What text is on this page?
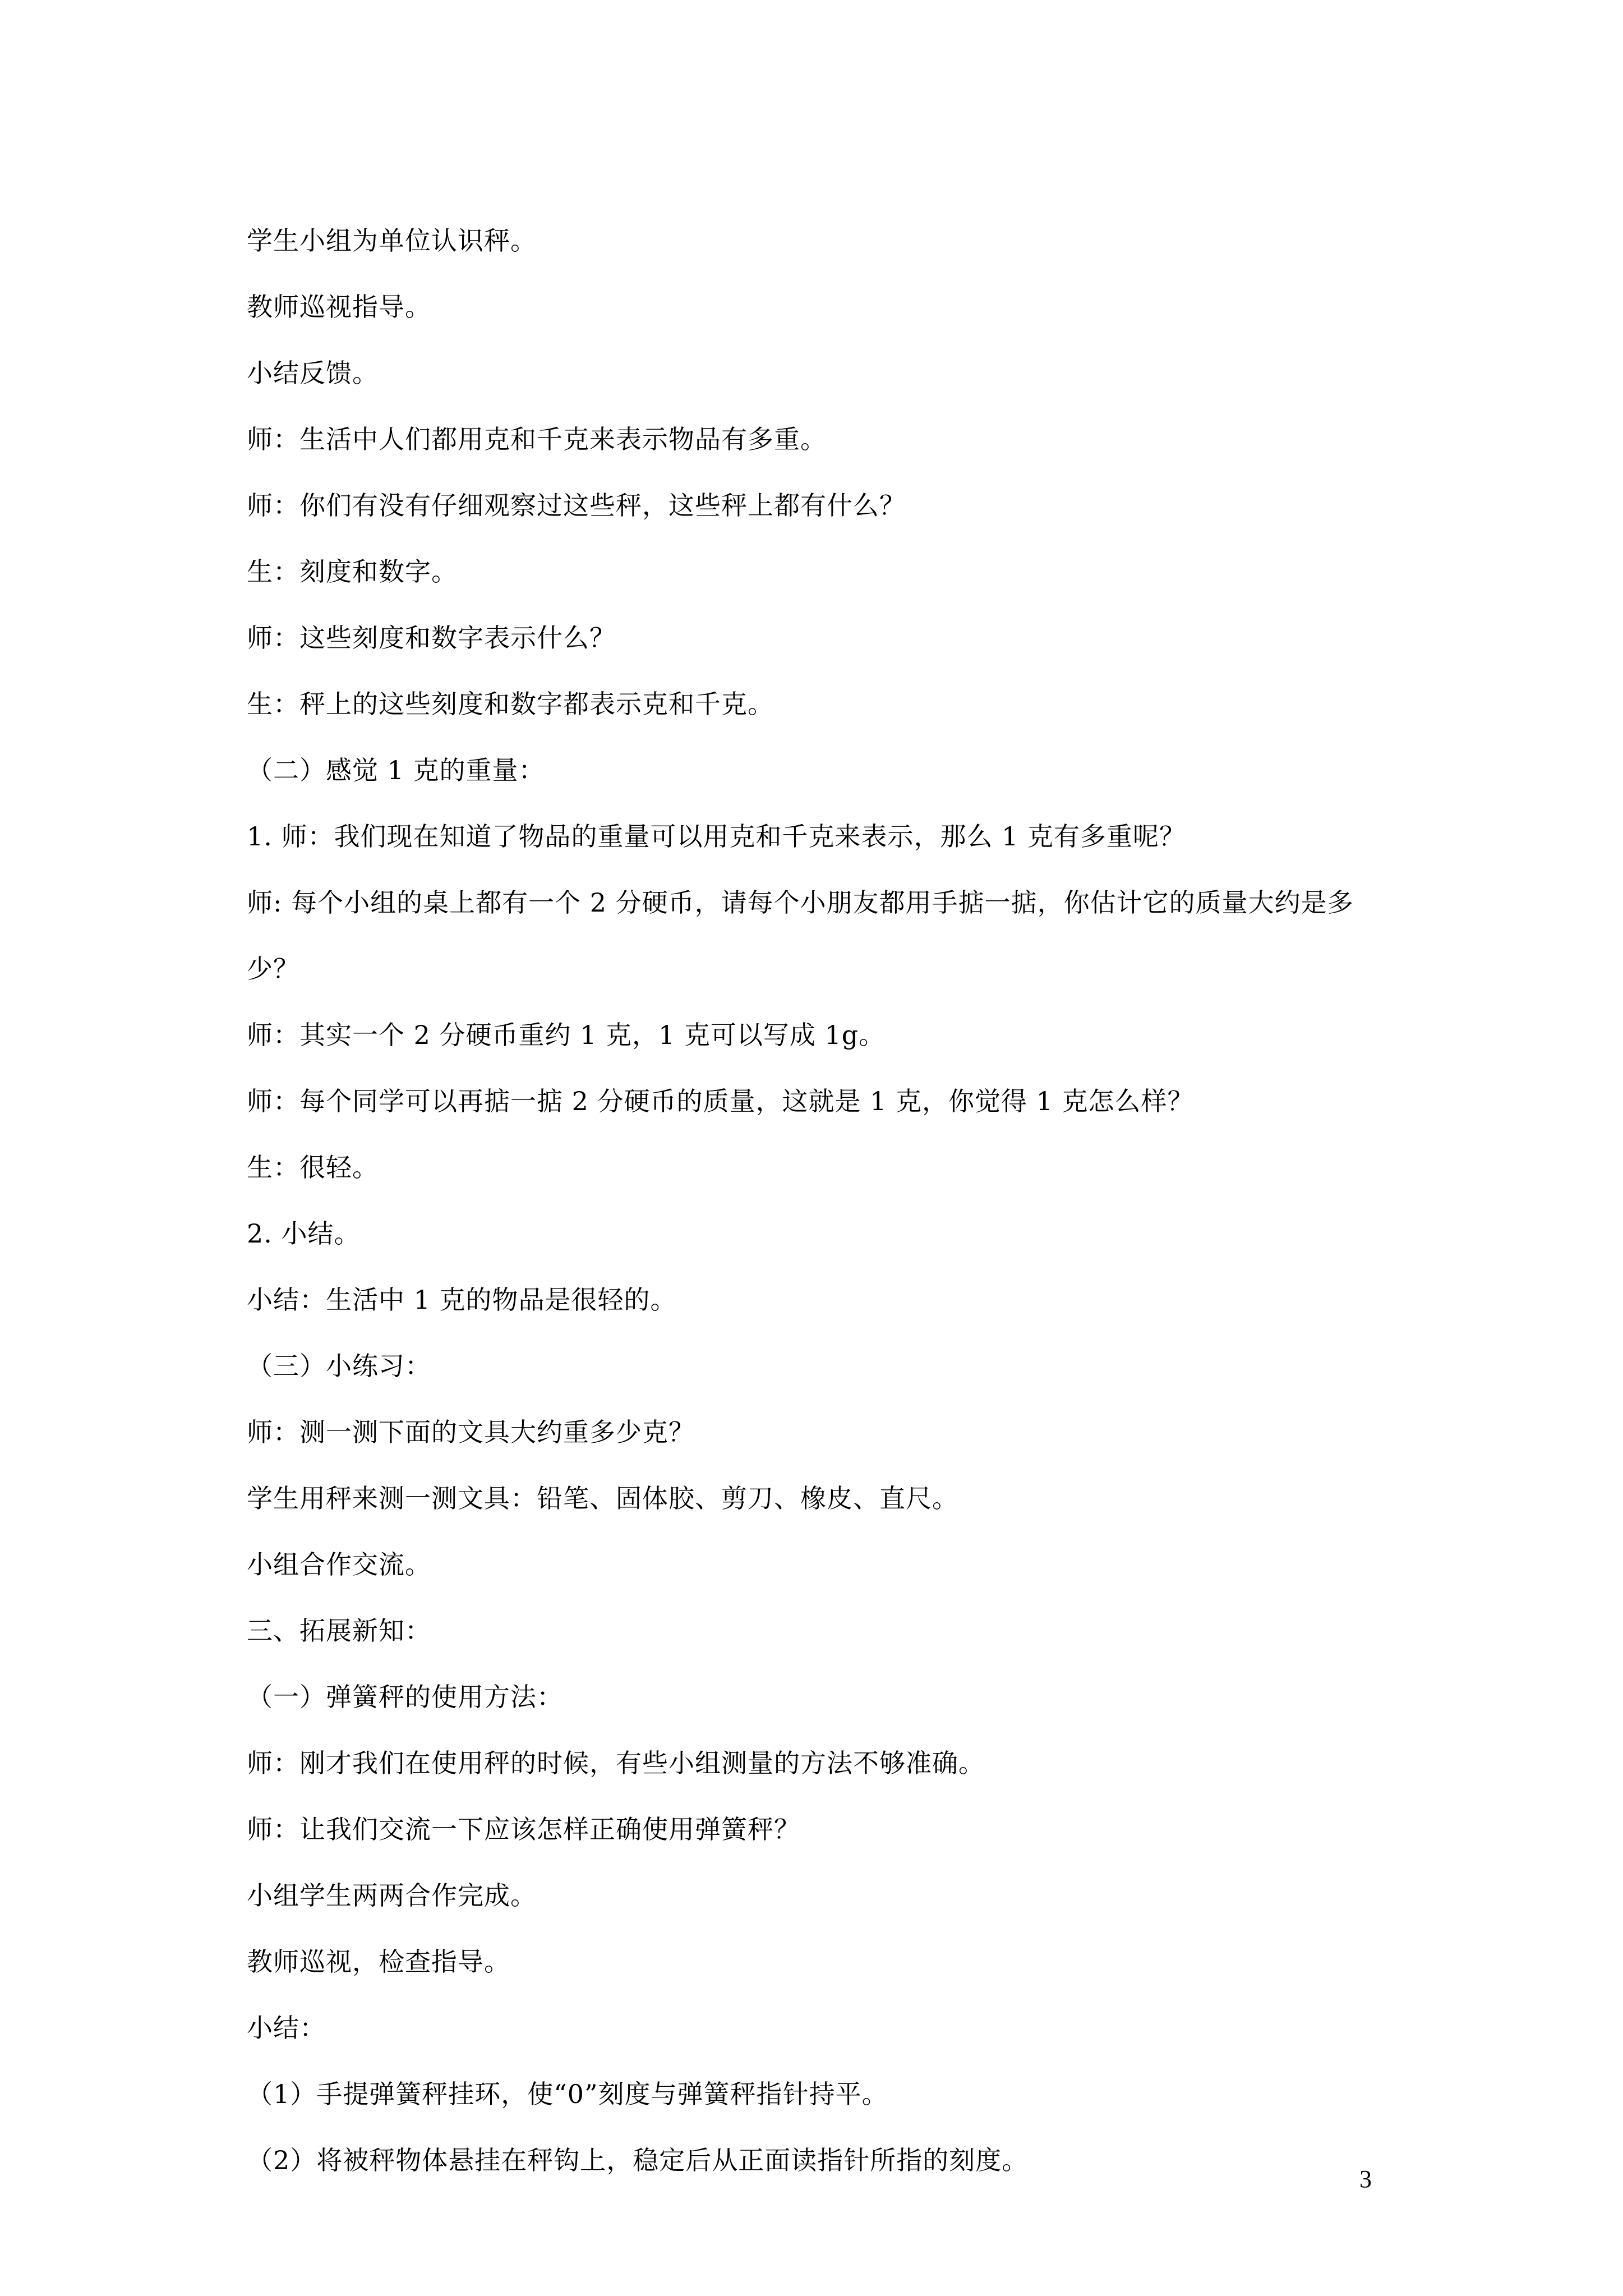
学生小组为单位认识秤。

教师巡视指导。

小结反馈。

师：生活中人们都用克和千克来表示物品有多重。

师：你们有没有仔细观察过这些秤，这些秤上都有什么？

生：刻度和数字。

师：这些刻度和数字表示什么？

生：秤上的这些刻度和数字都表示克和千克。

（二）感觉 1 克的重量：

1. 师：我们现在知道了物品的重量可以用克和千克来表示，那么 1 克有多重呢？

师: 每个小组的桌上都有一个 2 分硬币，请每个小朋友都用手掂一掂，你估计它的质量大约是多少？

师：其实一个 2 分硬币重约 1 克，1 克可以写成 1g。

师：每个同学可以再掂一掂 2 分硬币的质量，这就是 1 克，你觉得 1 克怎么样？

生：很轻。

2. 小结。

小结：生活中 1 克的物品是很轻的。

（三）小练习：

师：测一测下面的文具大约重多少克？

学生用秤来测一测文具：铅笔、固体胶、剪刀、橡皮、直尺。

小组合作交流。

三、拓展新知：

（一）弹簧秤的使用方法：

师：刚才我们在使用秤的时候，有些小组测量的方法不够准确。

师：让我们交流一下应该怎样正确使用弹簧秤？

小组学生两两合作完成。

教师巡视，检查指导。

小结：

（1）手提弹簧秤挂环，使“0”刻度与弹簧秤指针持平。

（2）将被秤物体悬挂在秤钩上，稳定后从正面读指针所指的刻度。

3
